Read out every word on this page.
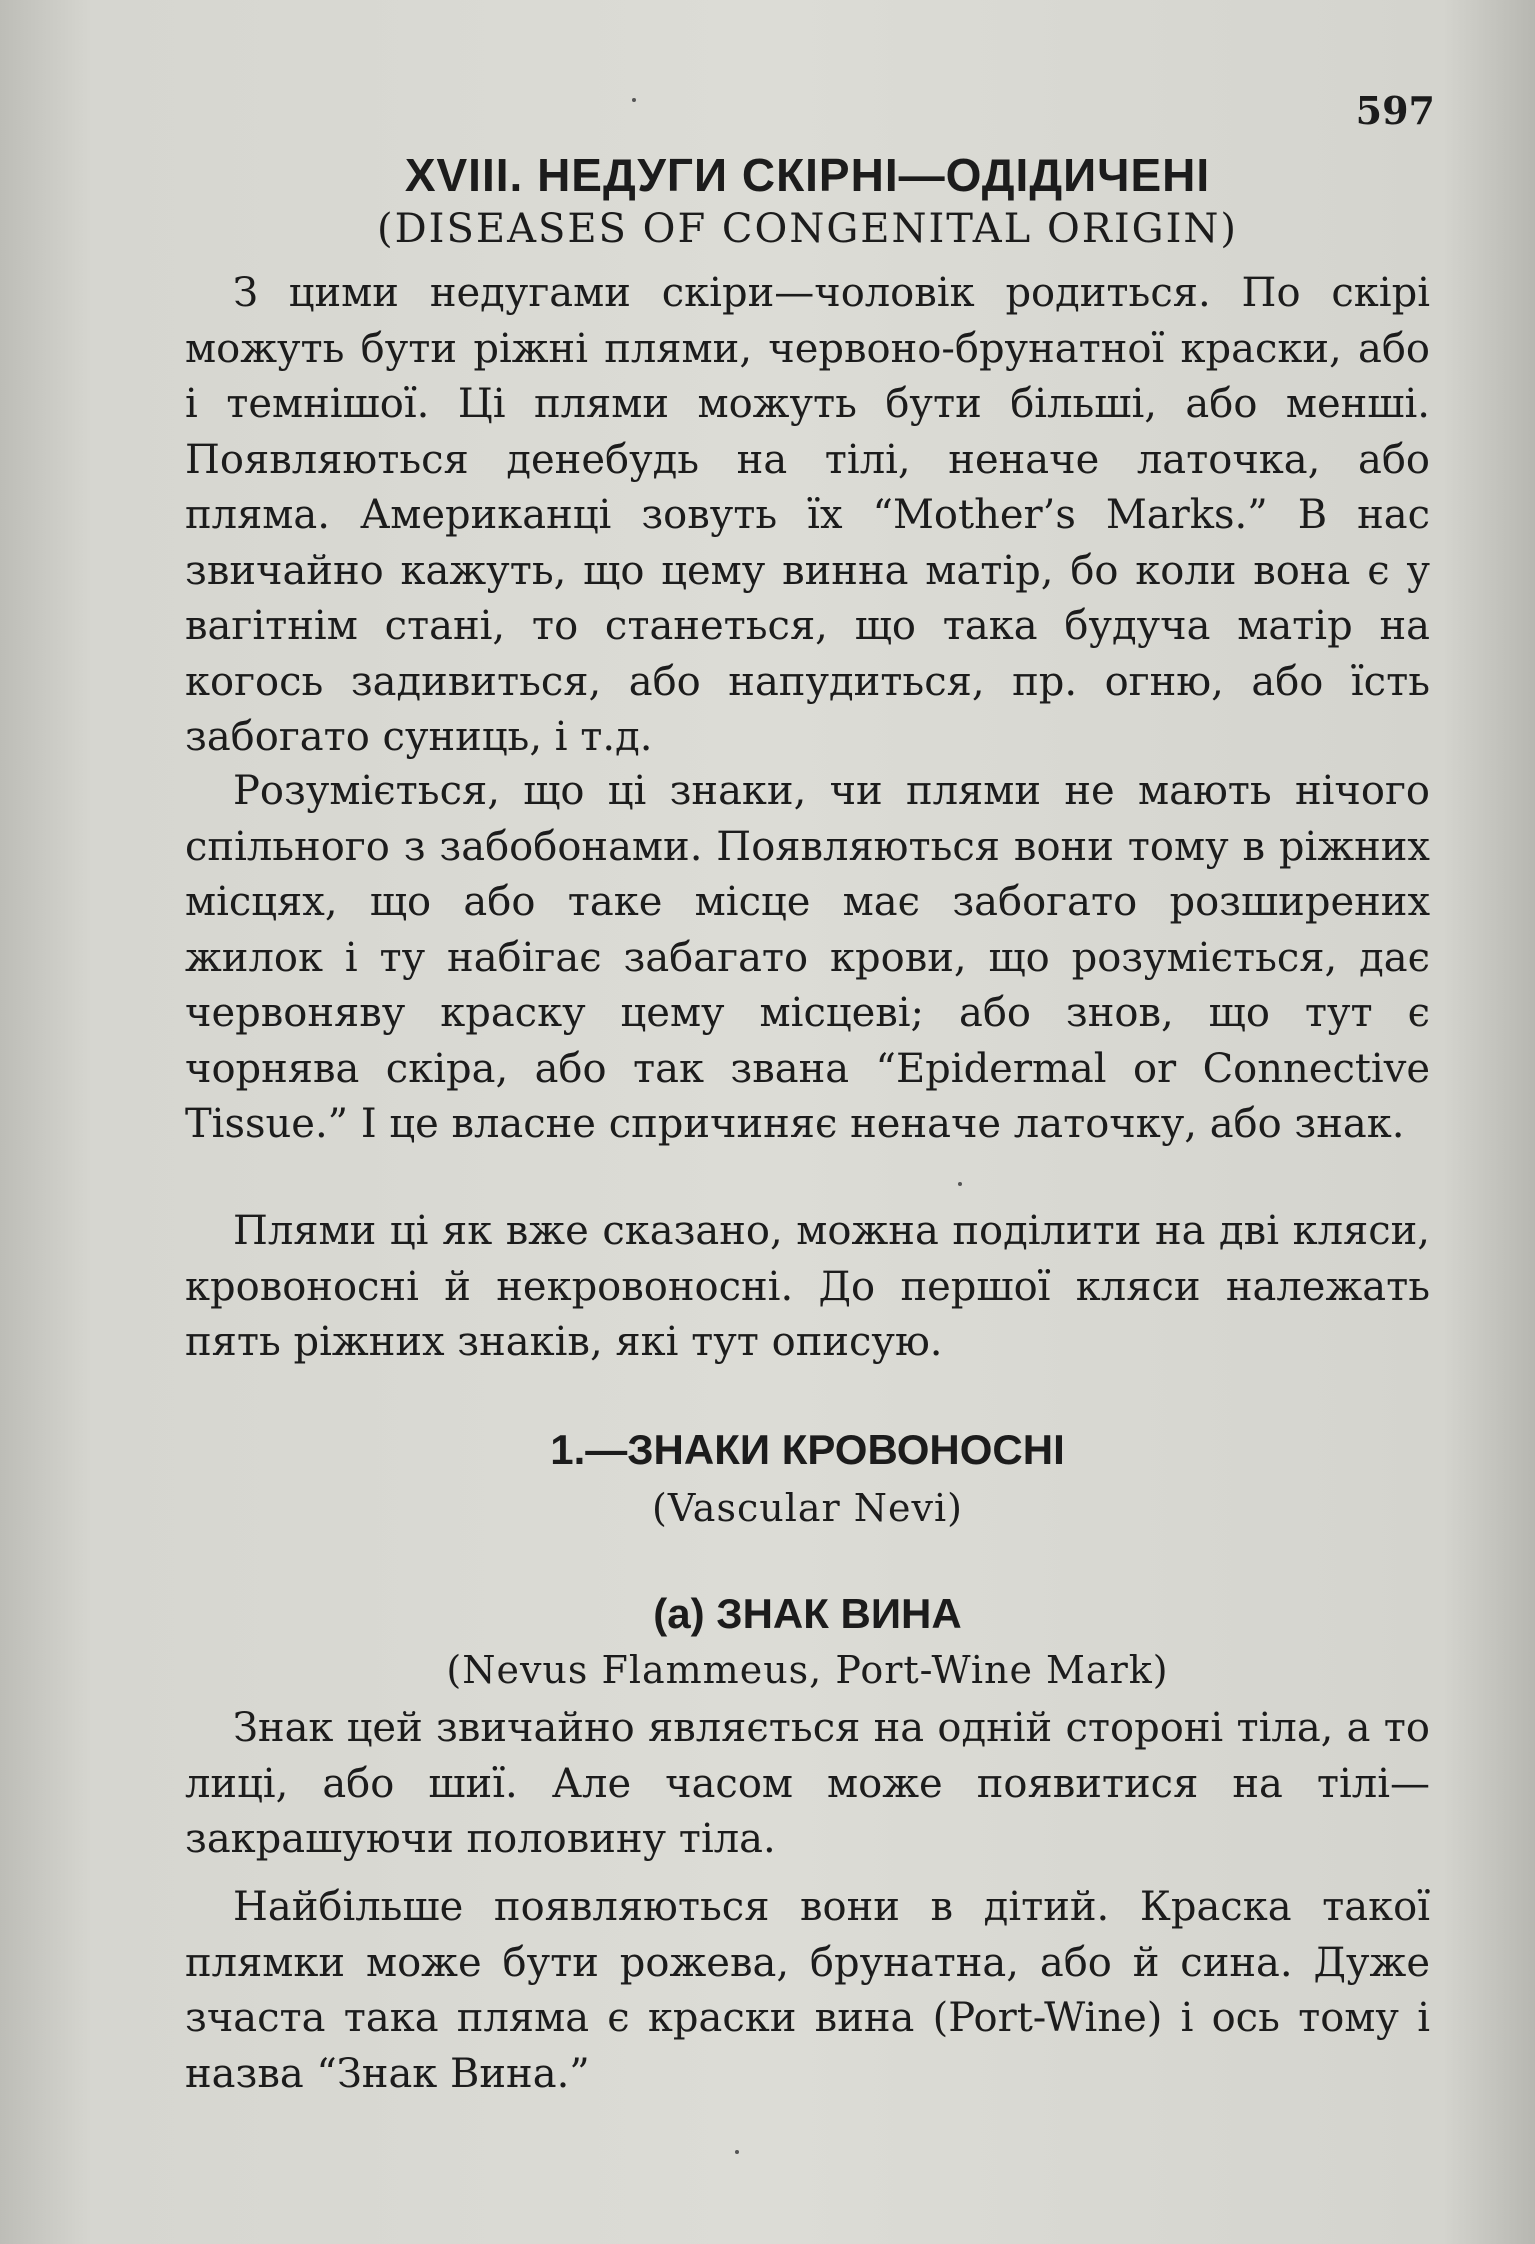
597
XVIII. НЕДУГИ СКІРНІ—ОДІДИЧЕНІ
(DISEASES OF CONGENITAL ORIGIN)

З цими недугами скіри—чоловік родиться. По скірі можуть бути ріжні плями, червоно-брунатної краски, або і темнішої. Ці плями можуть бути більші, або менші. Появляються денебудь на тілі, неначе латочка, або пляма. Американці зовуть їх “Mother’s Marks.” В нас звичайно кажуть, що цему винна матір, бо коли вона є у вагітнім стані, то станеться, що така будуча матір на когось задивиться, або напудиться, пр. огню, або їсть забогато суниць, і т.д.

Розуміється, що ці знаки, чи плями не мають нічого спільного з забобонами. Появляються вони тому в ріжних місцях, що або таке місце має забогато розширених жилок і ту набігає забагато крови, що розуміється, дає червоняву краску цему місцеві; або знов, що тут є чорнява скіра, або так звана “Epidermal or Connective Tissue.” І це власне спричиняє неначе латочку, або знак.

Плями ці як вже сказано, можна поділити на дві кляси, кровоносні й некровоносні. До першої кляси належать пять ріжних знаків, які тут описую.

1.—ЗНАКИ КРОВОНОСНІ
(Vascular Nevi)
(а) ЗНАК ВИНА
(Nevus Flammeus, Port-Wine Mark)

Знак цей звичайно являється на одній стороні тіла, а то лиці, або шиї. Але часом може появитися на тілі— закрашуючи половину тіла.

Найбільше появляються вони в дітий. Краска такої плямки може бути рожева, брунатна, або й сина. Дуже зчаста така пляма є краски вина (Port-Wine) і ось тому і назва “Знак Вина.”
